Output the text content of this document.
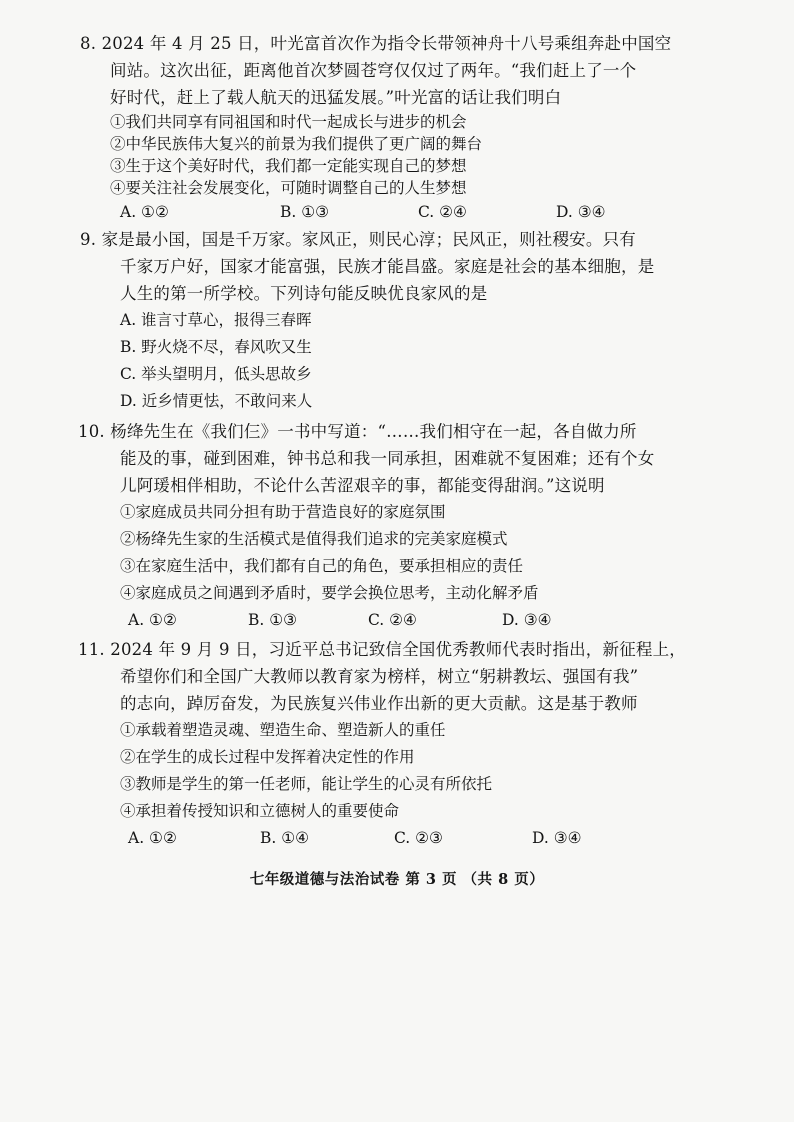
8. 2024 年 4 月 25 日，叶光富首次作为指令长带领神舟十八号乘组奔赴中国空
间站。这次出征，距离他首次梦圆苍穹仅仅过了两年。“我们赶上了一个
好时代，赶上了载人航天的迅猛发展。”叶光富的话让我们明白
①我们共同享有同祖国和时代一起成长与进步的机会
②中华民族伟大复兴的前景为我们提供了更广阔的舞台
③生于这个美好时代，我们都一定能实现自己的梦想
④要关注社会发展变化，可随时调整自己的人生梦想
A. ①②	B. ①③	C. ②④	D. ③④
9. 家是最小国，国是千万家。家风正，则民心淳；民风正，则社稷安。只有
千家万户好，国家才能富强，民族才能昌盛。家庭是社会的基本细胞，是
人生的第一所学校。下列诗句能反映优良家风的是
A. 谁言寸草心，报得三春晖
B. 野火烧不尽，春风吹又生
C. 举头望明月，低头思故乡
D. 近乡情更怯，不敢问来人
10. 杨绛先生在《我们仨》一书中写道：“……我们相守在一起，各自做力所
能及的事，碰到困难，钟书总和我一同承担，困难就不复困难；还有个女
儿阿瑗相伴相助，不论什么苦涩艰辛的事，都能变得甜润。”这说明
①家庭成员共同分担有助于营造良好的家庭氛围
②杨绛先生家的生活模式是值得我们追求的完美家庭模式
③在家庭生活中，我们都有自己的角色，要承担相应的责任
④家庭成员之间遇到矛盾时，要学会换位思考，主动化解矛盾
A. ①②	B. ①③	C. ②④	D. ③④
11. 2024 年 9 月 9 日，习近平总书记致信全国优秀教师代表时指出，新征程上，
希望你们和全国广大教师以教育家为榜样，树立“躬耕教坛、强国有我”
的志向，踔厉奋发，为民族复兴伟业作出新的更大贡献。这是基于教师
①承载着塑造灵魂、塑造生命、塑造新人的重任
②在学生的成长过程中发挥着决定性的作用
③教师是学生的第一任老师，能让学生的心灵有所依托
④承担着传授知识和立德树人的重要使命
A. ①②	B. ①④	C. ②③	D. ③④
七年级道德与法治试卷 第 3 页 （共 8 页）
